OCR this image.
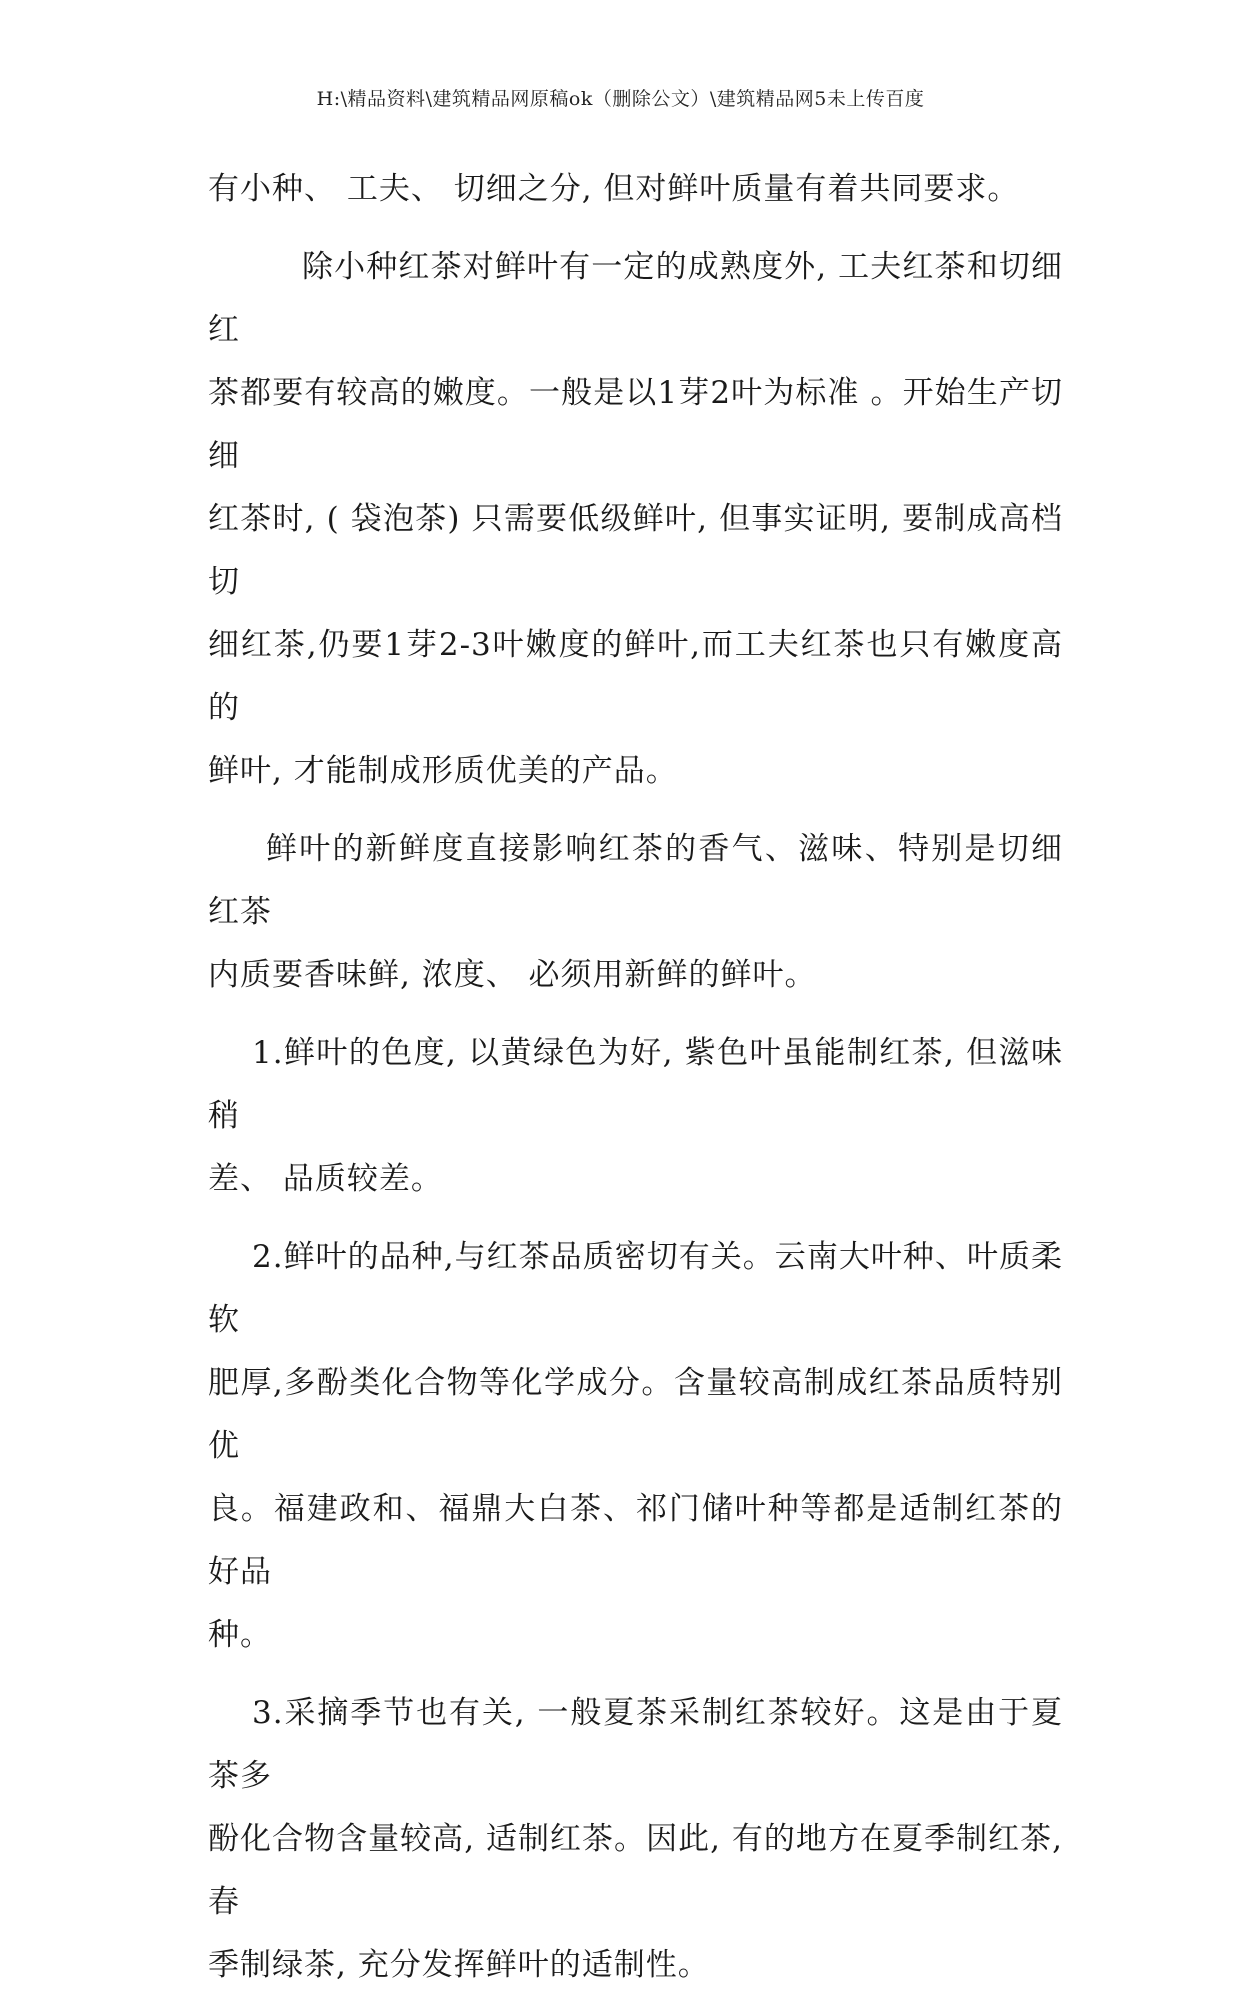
H:\精品资料\建筑精品网原稿ok（删除公文）\建筑精品网5未上传百度

有小种、 工夫、 切细之分, 但对鲜叶质量有着共同要求。

除小种红茶对鲜叶有一定的成熟度外, 工夫红茶和切细红
茶都要有较高的嫩度。一般是以1芽2叶为标准 。开始生产切细
红茶时, ( 袋泡茶) 只需要低级鲜叶, 但事实证明, 要制成高档切
细红茶,仍要1芽2-3叶嫩度的鲜叶,而工夫红茶也只有嫩度高的
鲜叶, 才能制成形质优美的产品。

鲜叶的新鲜度直接影响红茶的香气、滋味、特别是切细红茶
内质要香味鲜, 浓度、 必须用新鲜的鲜叶。

1.鲜叶的色度, 以黄绿色为好, 紫色叶虽能制红茶, 但滋味稍
差、 品质较差。

2.鲜叶的品种,与红茶品质密切有关。云南大叶种、叶质柔软
肥厚,多酚类化合物等化学成分。含量较高制成红茶品质特别优
良。福建政和、福鼎大白茶、祁门储叶种等都是适制红茶的好品
种。

3.采摘季节也有关, 一般夏茶采制红茶较好。这是由于夏茶多
酚化合物含量较高, 适制红茶。因此, 有的地方在夏季制红茶, 春
季制绿茶, 充分发挥鲜叶的适制性。
